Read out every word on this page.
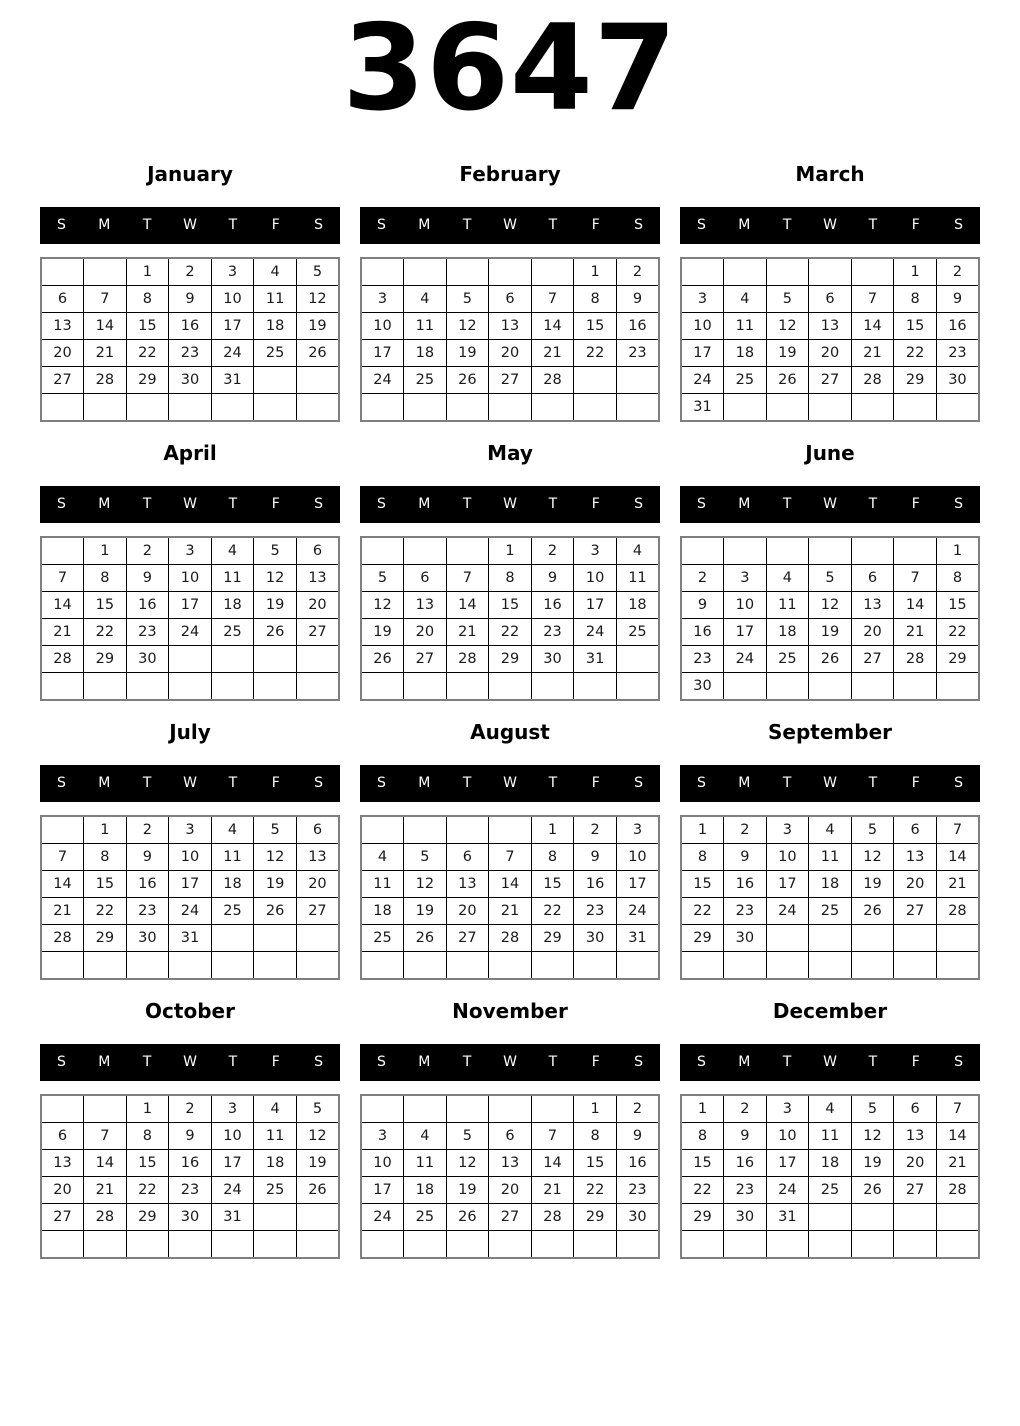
3647
January
S	M	T	W	T	F	S
		1	2	3	4	5
6	7	8	9	10	11	12
13	14	15	16	17	18	19
20	21	22	23	24	25	26
27	28	29	30	31		

February
S	M	T	W	T	F	S
					1	2
3	4	5	6	7	8	9
10	11	12	13	14	15	16
17	18	19	20	21	22	23
24	25	26	27	28		

March
S	M	T	W	T	F	S
					1	2
3	4	5	6	7	8	9
10	11	12	13	14	15	16
17	18	19	20	21	22	23
24	25	26	27	28	29	30
31						
April
S	M	T	W	T	F	S
	1	2	3	4	5	6
7	8	9	10	11	12	13
14	15	16	17	18	19	20
21	22	23	24	25	26	27
28	29	30				

May
S	M	T	W	T	F	S
			1	2	3	4
5	6	7	8	9	10	11
12	13	14	15	16	17	18
19	20	21	22	23	24	25
26	27	28	29	30	31	

June
S	M	T	W	T	F	S
						1
2	3	4	5	6	7	8
9	10	11	12	13	14	15
16	17	18	19	20	21	22
23	24	25	26	27	28	29
30						
July
S	M	T	W	T	F	S
	1	2	3	4	5	6
7	8	9	10	11	12	13
14	15	16	17	18	19	20
21	22	23	24	25	26	27
28	29	30	31			

August
S	M	T	W	T	F	S
				1	2	3
4	5	6	7	8	9	10
11	12	13	14	15	16	17
18	19	20	21	22	23	24
25	26	27	28	29	30	31

September
S	M	T	W	T	F	S
1	2	3	4	5	6	7
8	9	10	11	12	13	14
15	16	17	18	19	20	21
22	23	24	25	26	27	28
29	30					

October
S	M	T	W	T	F	S
		1	2	3	4	5
6	7	8	9	10	11	12
13	14	15	16	17	18	19
20	21	22	23	24	25	26
27	28	29	30	31		

November
S	M	T	W	T	F	S
					1	2
3	4	5	6	7	8	9
10	11	12	13	14	15	16
17	18	19	20	21	22	23
24	25	26	27	28	29	30

December
S	M	T	W	T	F	S
1	2	3	4	5	6	7
8	9	10	11	12	13	14
15	16	17	18	19	20	21
22	23	24	25	26	27	28
29	30	31				
